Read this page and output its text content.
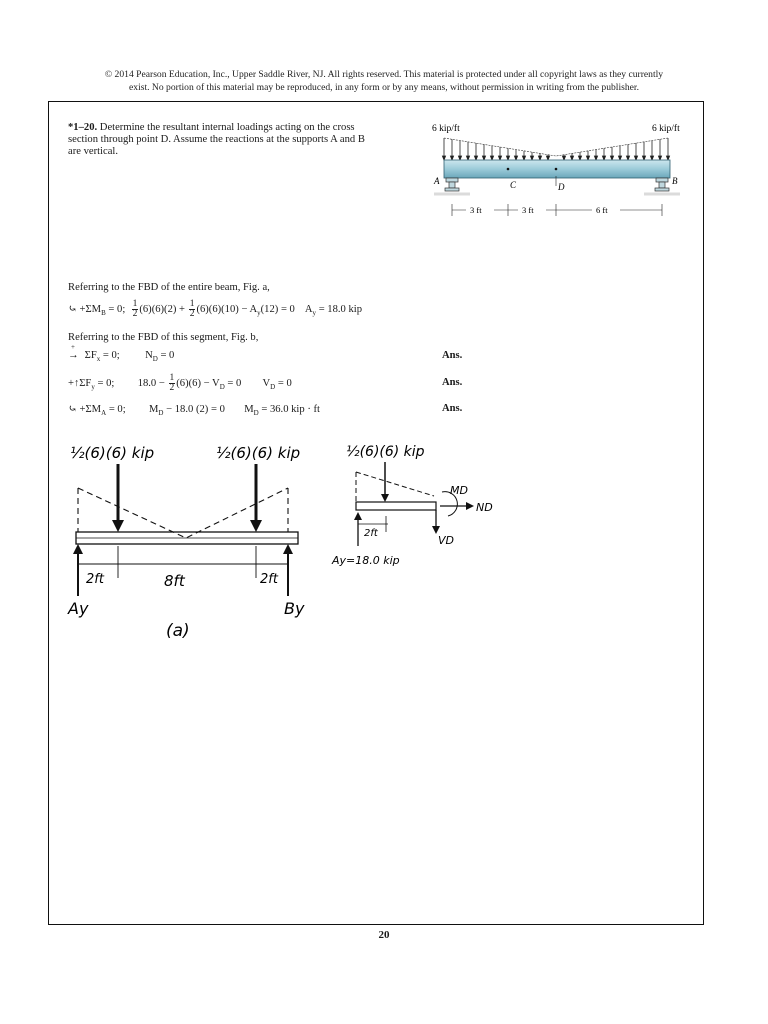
© 2014 Pearson Education, Inc., Upper Saddle River, NJ. All rights reserved. This material is protected under all copyright laws as they currently
exist. No portion of this material may be reproduced, in any form or by any means, without permission in writing from the publisher.
*1–20. Determine the resultant internal loadings acting on the cross section through point D. Assume the reactions at the supports A and B are vertical.
6 kip/ft	6 kip/ft
A	B
C	D
3 ft	3 ft	6 ft
Referring to the FBD of the entire beam, Fig. a,
⤿ $+\Sigma M_B = 0$; $\frac{1}{2} (6)(6)(2) + \frac{1}{2} (6)(6)(10) - A_y(12) = 0$ $A_y = 18.0$ kip
Referring to the FBD of this segment, Fig. b,
+
→ $\Sigma F_x = 0$; $N_D = 0$	Ans.
$+↑\Sigma F_y = 0$; $18.0 - \frac{1}{2} (6)(6) - V_D = 0$ $V_D = 0$	Ans.
⤿ $+\Sigma M_A = 0$; $M_D - 18.0$ (2) = 0 $M_D = 36.0$ kip · ft	Ans.
½(6)(6) kip	½(6)(6) kip
2ft	8ft	2ft
Ay	By
(a)
½(6)(6) kip
MD
ND
VD
2ft
Ay=18.0 kip
20
